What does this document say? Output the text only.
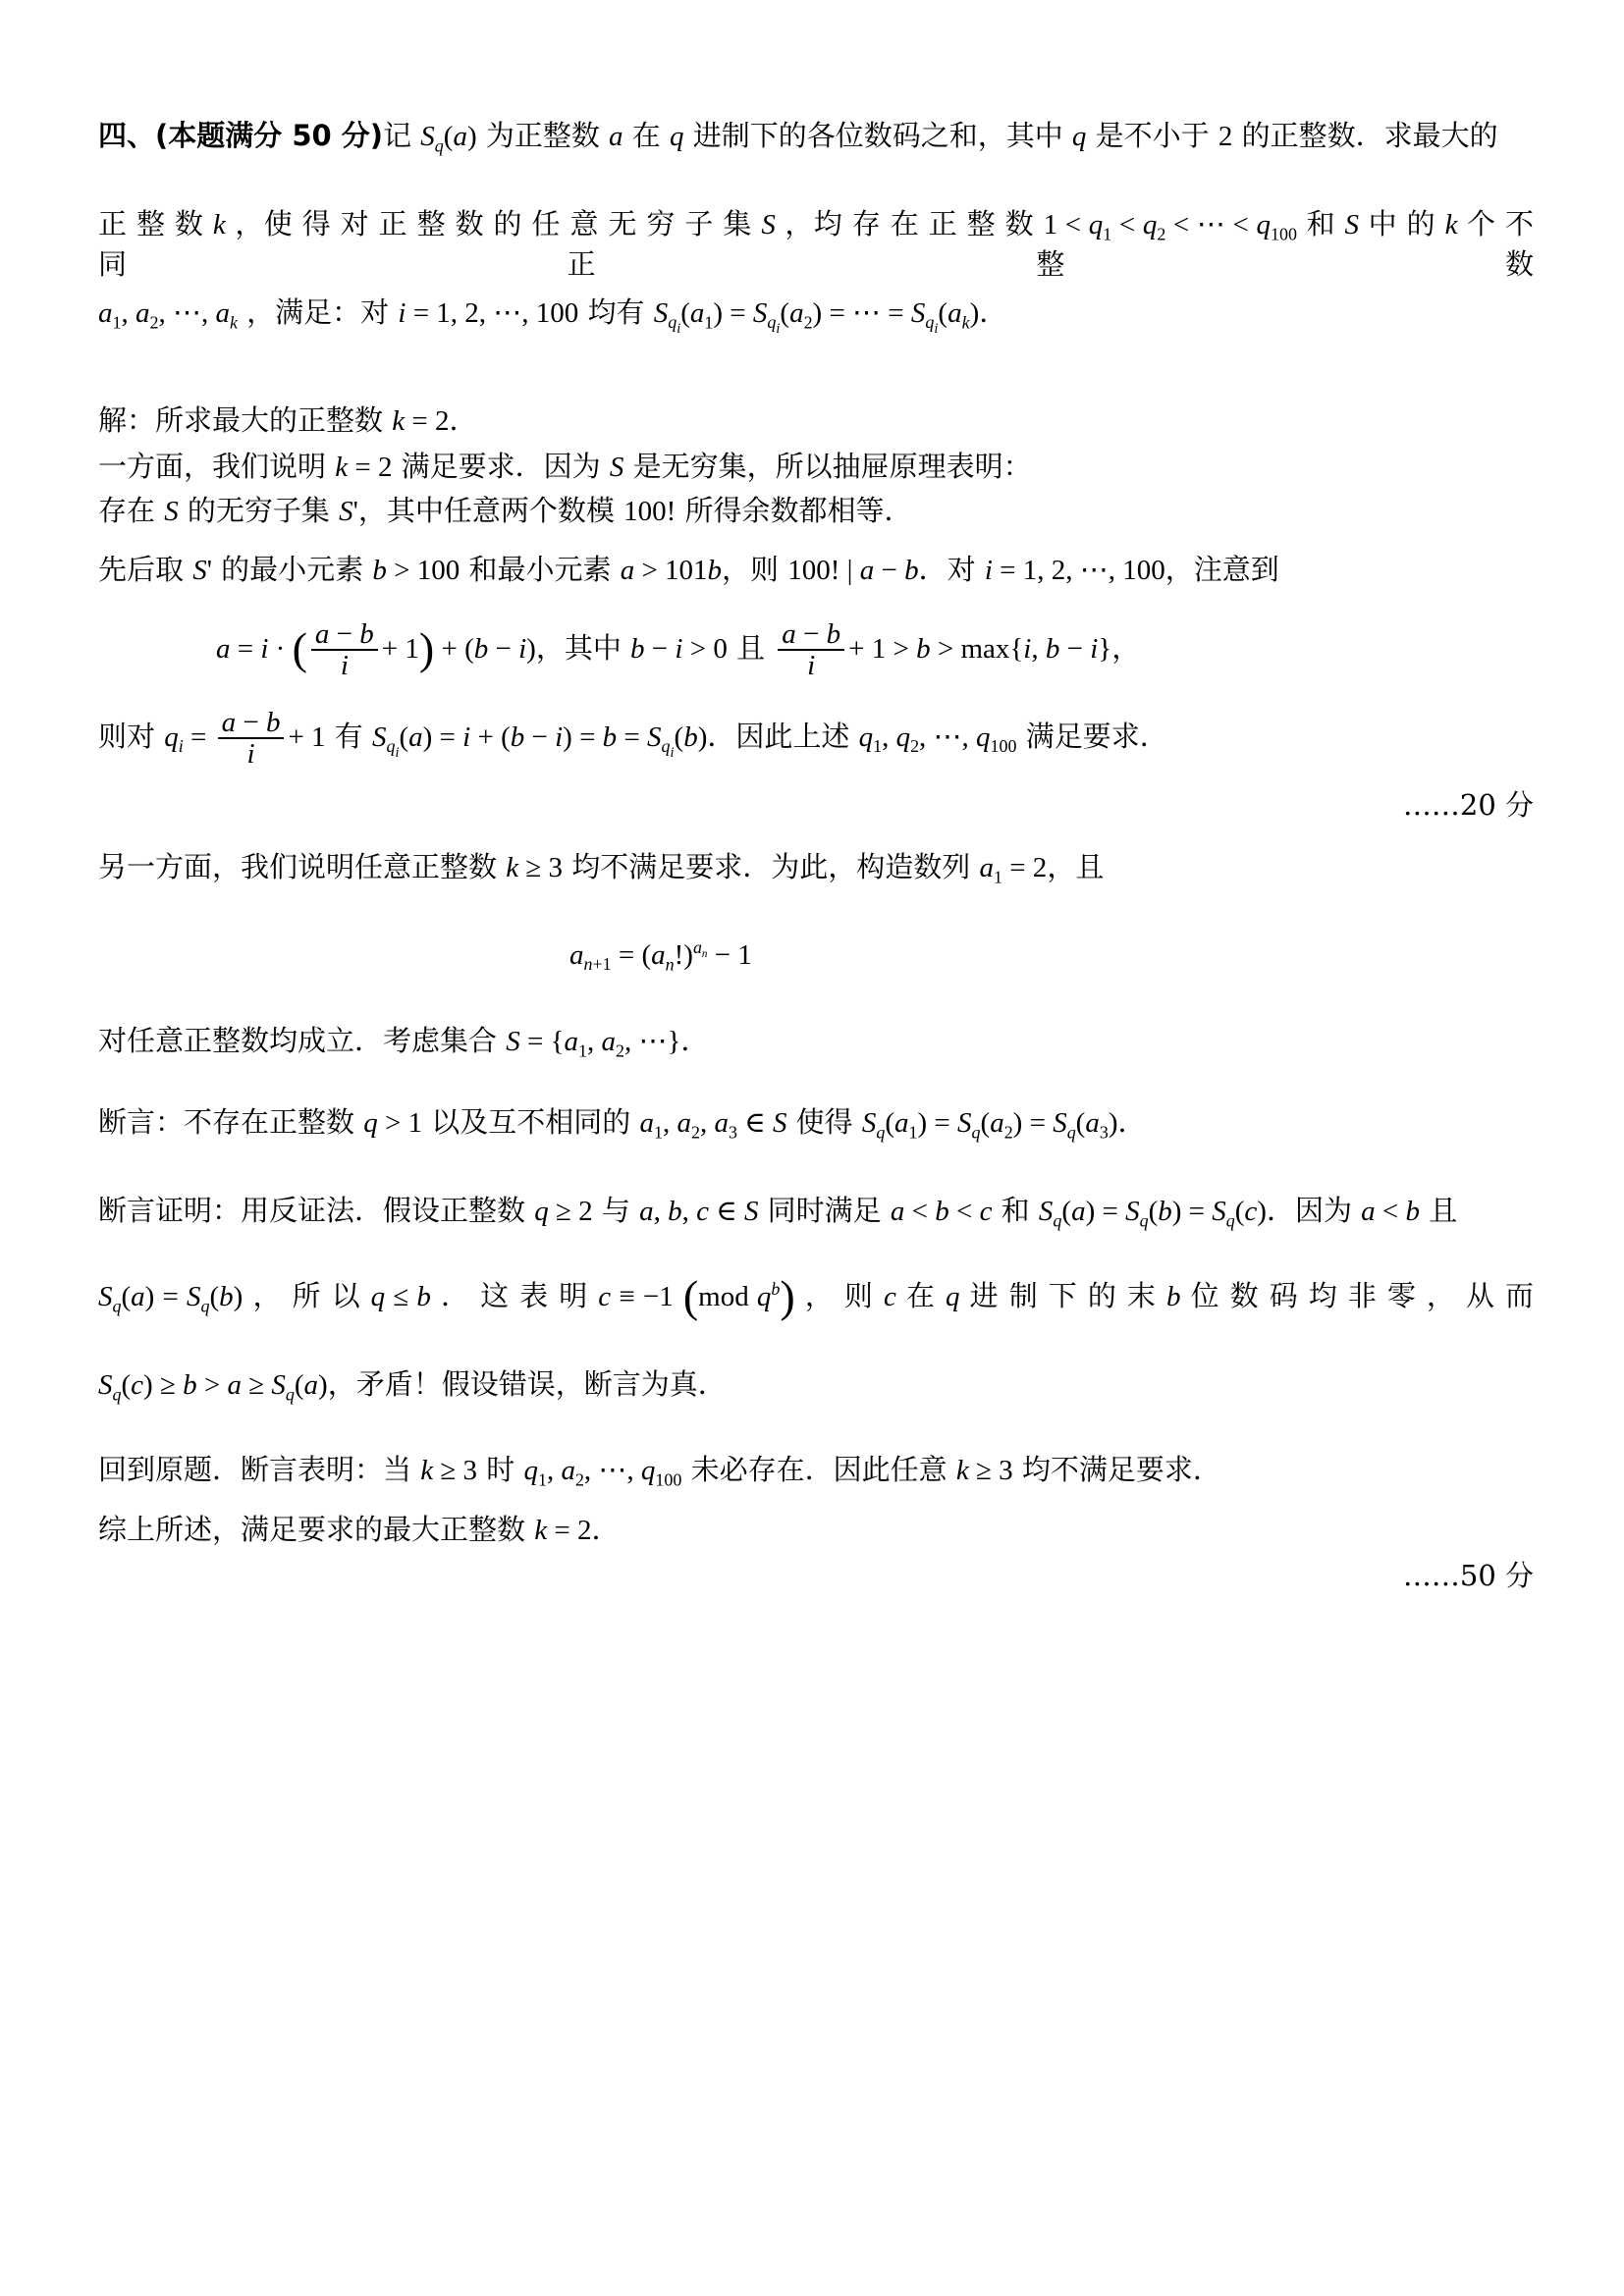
四、(本题满分 50 分)记 $S_q(a)$ 为正整数 a 在 q 进制下的各位数码之和，其中 q 是不小于 2 的正整数．求最大的
正 整 数 k ，使 得 对 正 整 数 的 任 意 无 穷 子 集 S ，均 存 在 正 整 数 $1 < q_1 < q_2$ < ⋯ < $q_{100}$ 和 S 中 的 k 个 不 同 正 整 数
$a_1$, $a_2$, ⋯, $a_k$ ，满足：对 i = 1, 2, ⋯, 100 均有 $S_{q_i}(a_1) = S_{q_i}(a_2)$ = ⋯ = $S_{q_i}(a_k)$．
解：所求最大的正整数 k = 2．
一方面，我们说明 k = 2 满足要求．因为 S 是无穷集，所以抽屉原理表明：
存在 S 的无穷子集 S'，其中任意两个数模 100! 所得余数都相等．
先后取 S' 的最小元素 b > 100 和最小元素 a > 101b，则 100! | a − b．对 i = 1, 2, ⋯, 100，注意到
a = i · ( $\frac{a - b}{i} + 1) + (b - i)$，其中 b − i > 0 且 $\frac{a - b}{i} + 1 > b > \max\{i$, b − i}，
则对 $q_i = \frac{a - b}{i} + 1$ 有 $S_{q_i}(a) = i + (b - i) = b = S_{q_i}(b)$．因此上述 $q_1$, $q_2$, ⋯, $q_{100}$ 满足要求．
……20 分
另一方面，我们说明任意正整数 k ≥ 3 均不满足要求．为此，构造数列 $a_1 = 2$，且
$a_{n+1} = (a_n!)^{a_n} - 1$
对任意正整数均成立．考虑集合 $S = \{a_1$, $a_2$, ⋯}．
断言：不存在正整数 q > 1 以及互不相同的 $a_1$, $a_2$, $a_3$ ∈ S 使得 $S_q(a_1) = S_q(a_2) = S_q(a_3)$．
断言证明：用反证法．假设正整数 q ≥ 2 与 a, b, c ∈ S 同时满足 a < b < c 和 $S_q(a) = S_q(b) = S_q(c)$．因为 a < b 且
$S_q(a) = S_q(b)$ ， 所 以 q ≤ b ． 这 表 明 c ≡ −1 (mod $q^b$) ， 则 c 在 q 进 制 下 的 末 b 位 数 码 均 非 零 ， 从 而
$S_q(c) \ge b > a \ge S_q(a)$，矛盾！假设错误，断言为真．
回到原题．断言表明：当 k ≥ 3 时 $q_1$, $a_2$, ⋯, $q_{100}$ 未必存在．因此任意 k ≥ 3 均不满足要求．
综上所述，满足要求的最大正整数 k = 2．
……50 分
